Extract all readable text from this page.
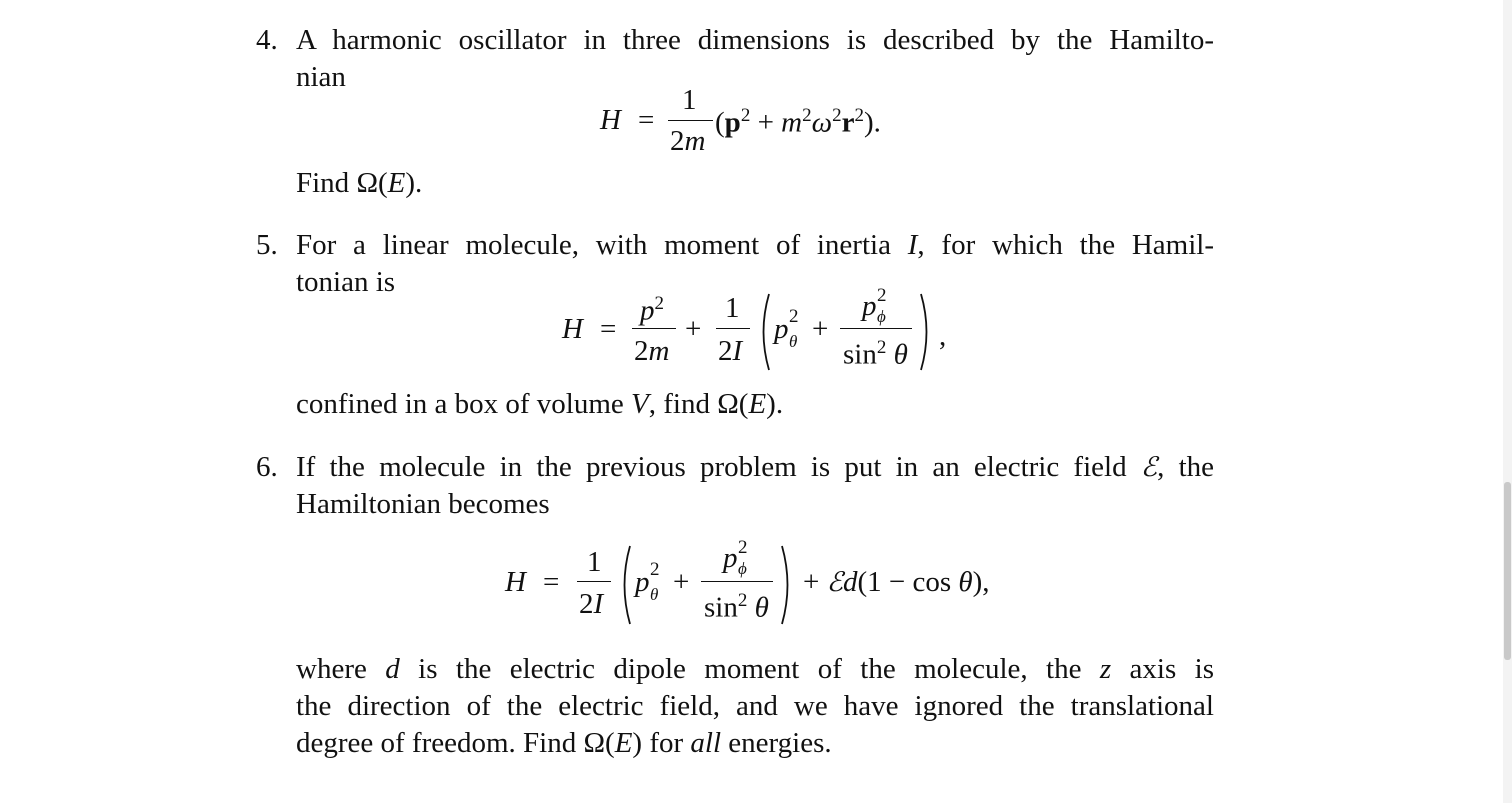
4. A harmonic oscillator in three dimensions is described by the Hamilto-
nian
H =
1
2m
$(p^2 + m^2\omega^2r^2)$.
Find Ω(E).
5. For a linear molecule, with moment of inertia I, for which the Hamil-
tonian is
H =
$p^2$
2m
+
1
2I
p 2
θ +
p 2
ϕ
$\sin^2 \theta$
,
confined in a box of volume V, find Ω(E).
6. If the molecule in the previous problem is put in an electric field ℰ, the
Hamiltonian becomes
H =
1
2I
p 2
θ +
p 2
ϕ
$\sin^2 \theta$
+ ℰd(1 − cos θ),
where d is the electric dipole moment of the molecule, the z axis is
the direction of the electric field, and we have ignored the translational
degree of freedom. Find Ω(E) for all energies.
